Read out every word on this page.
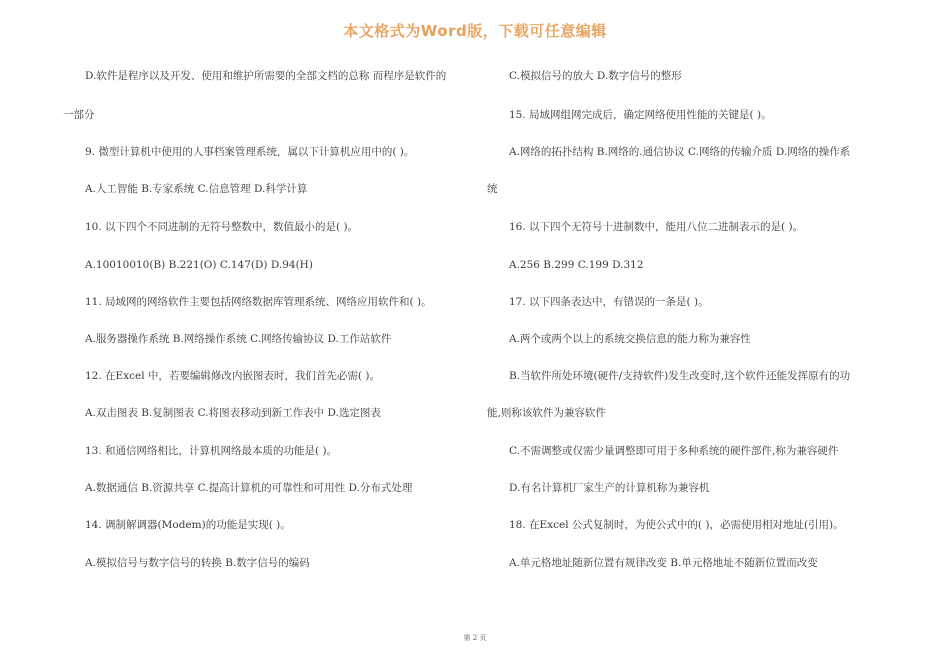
本文格式为Word版，下载可任意编辑
D.软件是程序以及开发、使用和维护所需要的全部文档的总称 而程序是软件的
一部分
9. 微型计算机中使用的人事档案管理系统，属以下计算机应用中的( )。
A.人工智能 B.专家系统 C.信息管理 D.科学计算
10. 以下四个不同进制的无符号整数中，数值最小的是( )。
A.10010010(B) B.221(O) C.147(D) D.94(H)
11. 局域网的网络软件主要包括网络数据库管理系统、网络应用软件和( )。
A.服务器操作系统 B.网络操作系统 C.网络传输协议 D.工作站软件
12. 在Excel 中，若要编辑修改内嵌图表时，我们首先必需( )。
A.双击图表 B.复制图表 C.将图表移动到新工作表中 D.选定图表
13. 和通信网络相比，计算机网络最本质的功能是( )。
A.数据通信 B.资源共享 C.提高计算机的可靠性和可用性 D.分布式处理
14. 调制解调器(Modem)的功能是实现( )。
A.模拟信号与数字信号的转换 B.数字信号的编码
C.模拟信号的放大 D.数字信号的整形
15. 局域网组网完成后，确定网络使用性能的关键是( )。
A.网络的拓扑结构 B.网络的.通信协议 C.网络的传输介质 D.网络的操作系
统
16. 以下四个无符号十进制数中，能用八位二进制表示的是( )。
A.256 B.299 C.199 D.312
17. 以下四条表达中，有错误的一条是( )。
A.两个或两个以上的系统交换信息的能力称为兼容性
B.当软件所处环境(硬件/支持软件)发生改变时,这个软件还能发挥原有的功
能,则称该软件为兼容软件
C.不需调整或仅需少量调整即可用于多种系统的硬件部件,称为兼容硬件
D.有名计算机厂家生产的计算机称为兼容机
18. 在Excel 公式复制时，为使公式中的( )，必需使用相对地址(引用)。
A.单元格地址随新位置有规律改变 B.单元格地址不随新位置而改变
第 2 页
